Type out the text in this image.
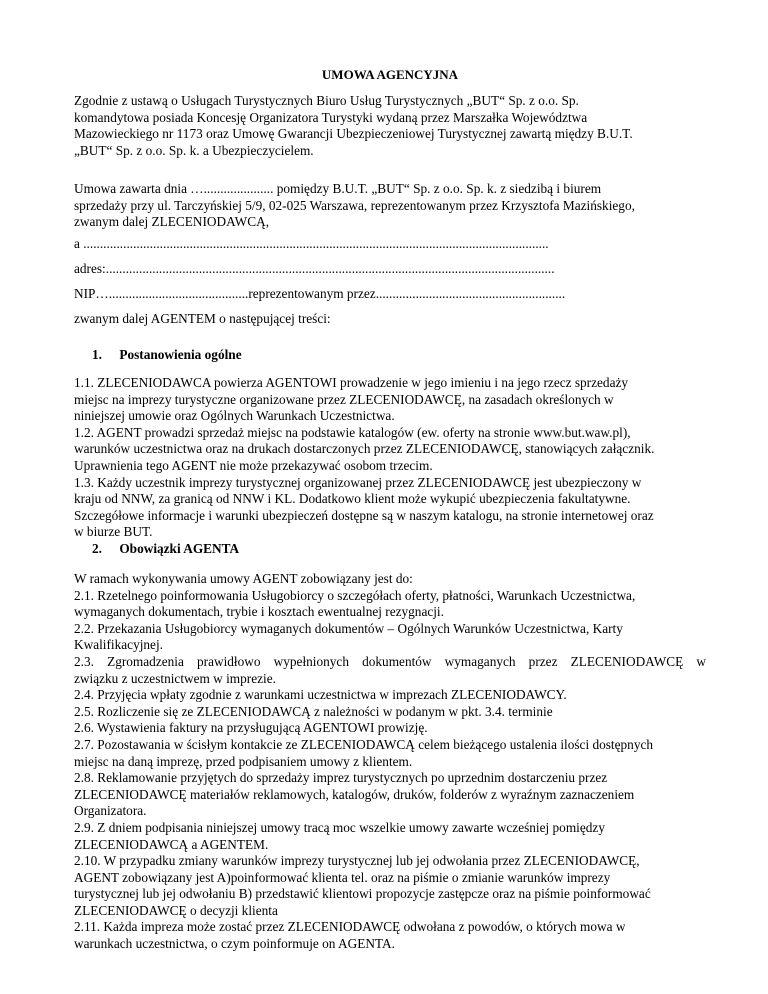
UMOWA AGENCYJNA

Zgodnie z ustawą o Usługach Turystycznych Biuro Usług Turystycznych „BUT“ Sp. z o.o. Sp.

komandytowa posiada Koncesję Organizatora Turystyki wydaną przez Marszałka Województwa

Mazowieckiego nr 1173 oraz Umowę Gwarancji Ubezpieczeniowej Turystycznej zawartą między B.U.T.

„BUT“ Sp. z o.o. Sp. k. a Ubezpieczycielem.

Umowa zawarta dnia …..................... pomiędzy B.U.T. „BUT“ Sp. z o.o. Sp. k. z siedzibą i biurem

sprzedaży przy ul. Tarczyńskiej 5/9, 02-025 Warszawa, reprezentowanym przez Krzysztofa Mazińskiego,

zwanym dalej ZLECENIODAWCĄ,

a ............................................................................................................................................
adres:.......................................................................................................................................
NIP…..........................................reprezentowanym przez.........................................................
zwanym dalej AGENTEM o następującej treści:
1. Postanowienia ogólne

1.1. ZLECENIODAWCA powierza AGENTOWI prowadzenie w jego imieniu i na jego rzecz sprzedaży

miejsc na imprezy turystyczne organizowane przez ZLECENIODAWCĘ, na zasadach określonych w

niniejszej umowie oraz Ogólnych Warunkach Uczestnictwa.

1.2. AGENT prowadzi sprzedaż miejsc na podstawie katalogów (ew. oferty na stronie www.but.waw.pl),

warunków uczestnictwa oraz na drukach dostarczonych przez ZLECENIODAWCĘ, stanowiących załącznik.

Uprawnienia tego AGENT nie może przekazywać osobom trzecim.

1.3. Każdy uczestnik imprezy turystycznej organizowanej przez ZLECENIODAWCĘ jest ubezpieczony w

kraju od NNW, za granicą od NNW i KL. Dodatkowo klient może wykupić ubezpieczenia fakultatywne.

Szczegółowe informacje i warunki ubezpieczeń dostępne są w naszym katalogu, na stronie internetowej oraz

w biurze BUT.

2. Obowiązki AGENTA

W ramach wykonywania umowy AGENT zobowiązany jest do:

2.1. Rzetelnego poinformowania Usługobiorcy o szczegółach oferty, płatności, Warunkach Uczestnictwa,

wymaganych dokumentach, trybie i kosztach ewentualnej rezygnacji.

2.2. Przekazania Usługobiorcy wymaganych dokumentów – Ogólnych Warunków Uczestnictwa, Karty

Kwalifikacyjnej.

2.3. Zgromadzenia prawidłowo wypełnionych dokumentów wymaganych przez ZLECENIODAWCĘ w

związku z uczestnictwem w imprezie.

2.4. Przyjęcia wpłaty zgodnie z warunkami uczestnictwa w imprezach ZLECENIODAWCY.

2.5. Rozliczenie się ze ZLECENIODAWCĄ z należności w podanym w pkt. 3.4. terminie

2.6. Wystawienia faktury na przysługującą AGENTOWI prowizję.

2.7. Pozostawania w ścisłym kontakcie ze ZLECENIODAWCĄ celem bieżącego ustalenia ilości dostępnych

miejsc na daną imprezę, przed podpisaniem umowy z klientem.

2.8. Reklamowanie przyjętych do sprzedaży imprez turystycznych po uprzednim dostarczeniu przez

ZLECENIODAWCĘ materiałów reklamowych, katalogów, druków, folderów z wyraźnym zaznaczeniem

Organizatora.

2.9. Z dniem podpisania niniejszej umowy tracą moc wszelkie umowy zawarte wcześniej pomiędzy

ZLECENIODAWCĄ a AGENTEM.

2.10. W przypadku zmiany warunków imprezy turystycznej lub jej odwołania przez ZLECENIODAWCĘ,

AGENT zobowiązany jest A)poinformować klienta tel. oraz na piśmie o zmianie warunków imprezy

turystycznej lub jej odwołaniu B) przedstawić klientowi propozycje zastępcze oraz na piśmie poinformować

ZLECENIODAWCĘ o decyzji klienta

2.11. Każda impreza może zostać przez ZLECENIODAWCĘ odwołana z powodów, o których mowa w

warunkach uczestnictwa, o czym poinformuje on AGENTA.
